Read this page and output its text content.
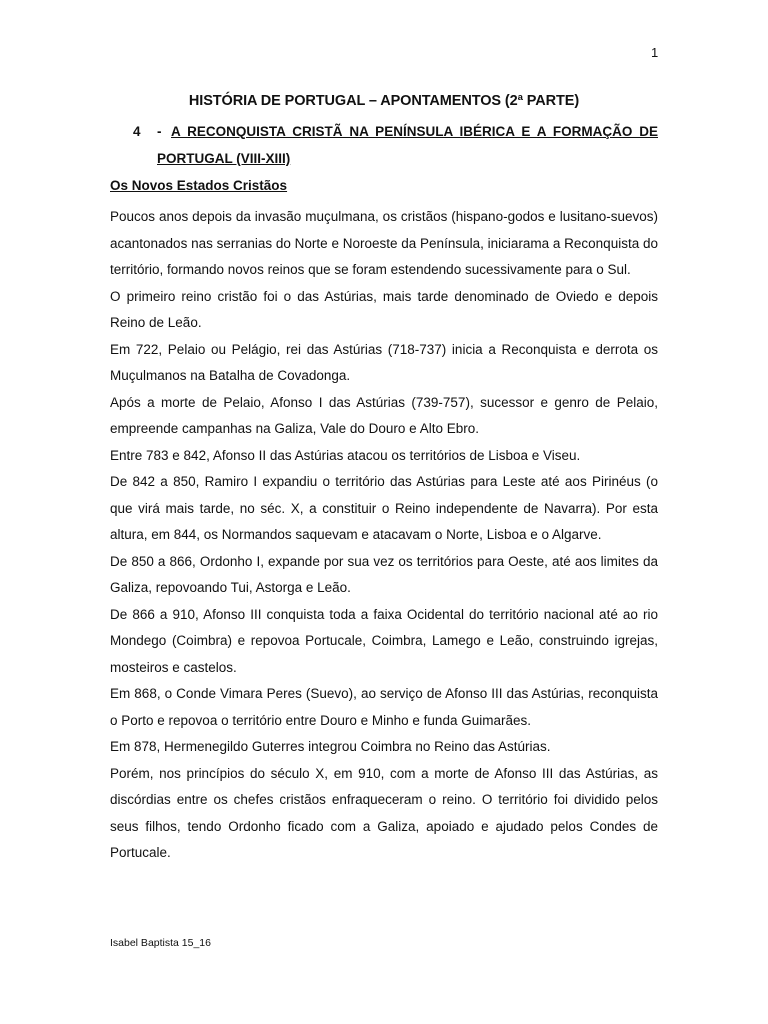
1
HISTÓRIA DE PORTUGAL – APONTAMENTOS (2ª PARTE)
4 - A RECONQUISTA CRISTÃ NA PENÍNSULA IBÉRICA E A FORMAÇÃO DE
PORTUGAL (VIII-XIII)
Os Novos Estados Cristãos

Poucos anos depois da invasão muçulmana, os cristãos (hispano-godos e lusitano-suevos) acantonados nas serranias do Norte e Noroeste da Península, iniciarama a Reconquista do território, formando novos reinos que se foram estendendo sucessivamente para o Sul.

O primeiro reino cristão foi o das Astúrias, mais tarde denominado de Oviedo e depois Reino de Leão.

Em 722, Pelaio ou Pelágio, rei das Astúrias (718-737) inicia a Reconquista e derrota os Muçulmanos na Batalha de Covadonga.

Após a morte de Pelaio, Afonso I das Astúrias (739-757), sucessor e genro de Pelaio, empreende campanhas na Galiza, Vale do Douro e Alto Ebro.

Entre 783 e 842, Afonso II das Astúrias atacou os territórios de Lisboa e Viseu.

De 842 a 850, Ramiro I expandiu o território das Astúrias para Leste até aos Pirinéus (o que virá mais tarde, no séc. X, a constituir o Reino independente de Navarra). Por esta altura, em 844, os Normandos saquevam e atacavam o Norte, Lisboa e o Algarve.

De 850 a 866, Ordonho I, expande por sua vez os territórios para Oeste, até aos limites da Galiza, repovoando Tui, Astorga e Leão.

De 866 a 910, Afonso III conquista toda a faixa Ocidental do território nacional até ao rio Mondego (Coimbra) e repovoa Portucale, Coimbra, Lamego e Leão, construindo igrejas, mosteiros e castelos.

Em 868, o Conde Vimara Peres (Suevo), ao serviço de Afonso III das Astúrias, reconquista o Porto e repovoa o território entre Douro e Minho e funda Guimarães.

Em 878, Hermenegildo Guterres integrou Coimbra no Reino das Astúrias.

Porém, nos princípios do século X, em 910, com a morte de Afonso III das Astúrias, as discórdias entre os chefes cristãos enfraqueceram o reino. O território foi dividido pelos seus filhos, tendo Ordonho ficado com a Galiza, apoiado e ajudado pelos Condes de Portucale.

Isabel Baptista 15_16
